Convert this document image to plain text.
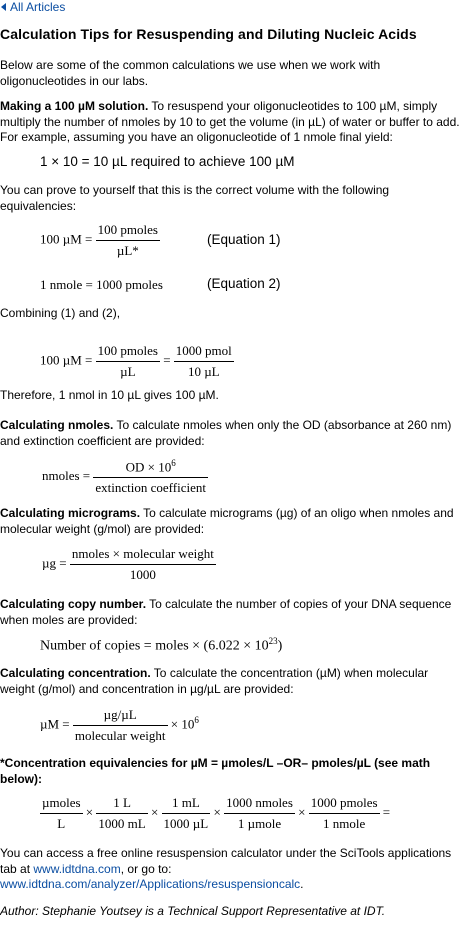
All Articles
Calculation Tips for Resuspending and Diluting Nucleic Acids

Below are some of the common calculations we use when we work with oligonucleotides in our labs.

Making a 100 µM solution. To resuspend your oligonucleotides to 100 µM, simply multiply the number of nmoles by 10 to get the volume (in µL) of water or buffer to add. For example, assuming you have an oligonucleotide of 1 nmole final yield:

1 × 10 = 10 µL required to achieve 100 µM

You can prove to yourself that this is the correct volume with the following equivalencies:

100 $\mu M = \frac{\text{100 pmoles}}{\text{µL*}}$	(Equation 1)
1 nmole = 1000 pmoles	(Equation 2)

Combining (1) and (2),

100 $\mu M = \frac{\text{100 pmoles}}{\text{µL}} = \frac{\text{1000 pmol}}{\text{10 µL}}$

Therefore, 1 nmol in 10 µL gives 100 µM.

Calculating nmoles. To calculate nmoles when only the OD (absorbance at 260 nm) and extinction coefficient are provided:

nmoles = $\frac{OD \times 10^6}{\text{extinction coefficient}}$

Calculating micrograms. To calculate micrograms (µg) of an oligo when nmoles and molecular weight (g/mol) are provided:

$\mu g = \frac{\text{nmoles × molecular weight}}{1000}$

Calculating copy number. To calculate the number of copies of your DNA sequence when moles are provided:

Number of copies = moles × $(6.022 \times 10^{23})$

Calculating concentration. To calculate the concentration (µM) when molecular weight (g/mol) and concentration in µg/µL are provided:

$\mu M = \frac{\text{µg/µL}}{\text{molecular weight}} \times 10^6$

*Concentration equivalencies for µM = µmoles/L –OR– pmoles/µL (see math below):

$\frac{\text{µmoles}}{L} \times \frac{1 L}{1000 mL} \times \frac{1 mL}{\text{1000 µL}} \times \frac{\text{1000 nmoles}}{\text{1 µmole}} \times \frac{\text{1000 pmoles}}{\text{1 nmole}}$ =

You can access a free online resuspension calculator under the SciTools applications tab at www.idtdna.com, or go to: www.idtdna.com/analyzer/Applications/resuspensioncalc.

Author: Stephanie Youtsey is a Technical Support Representative at IDT.
